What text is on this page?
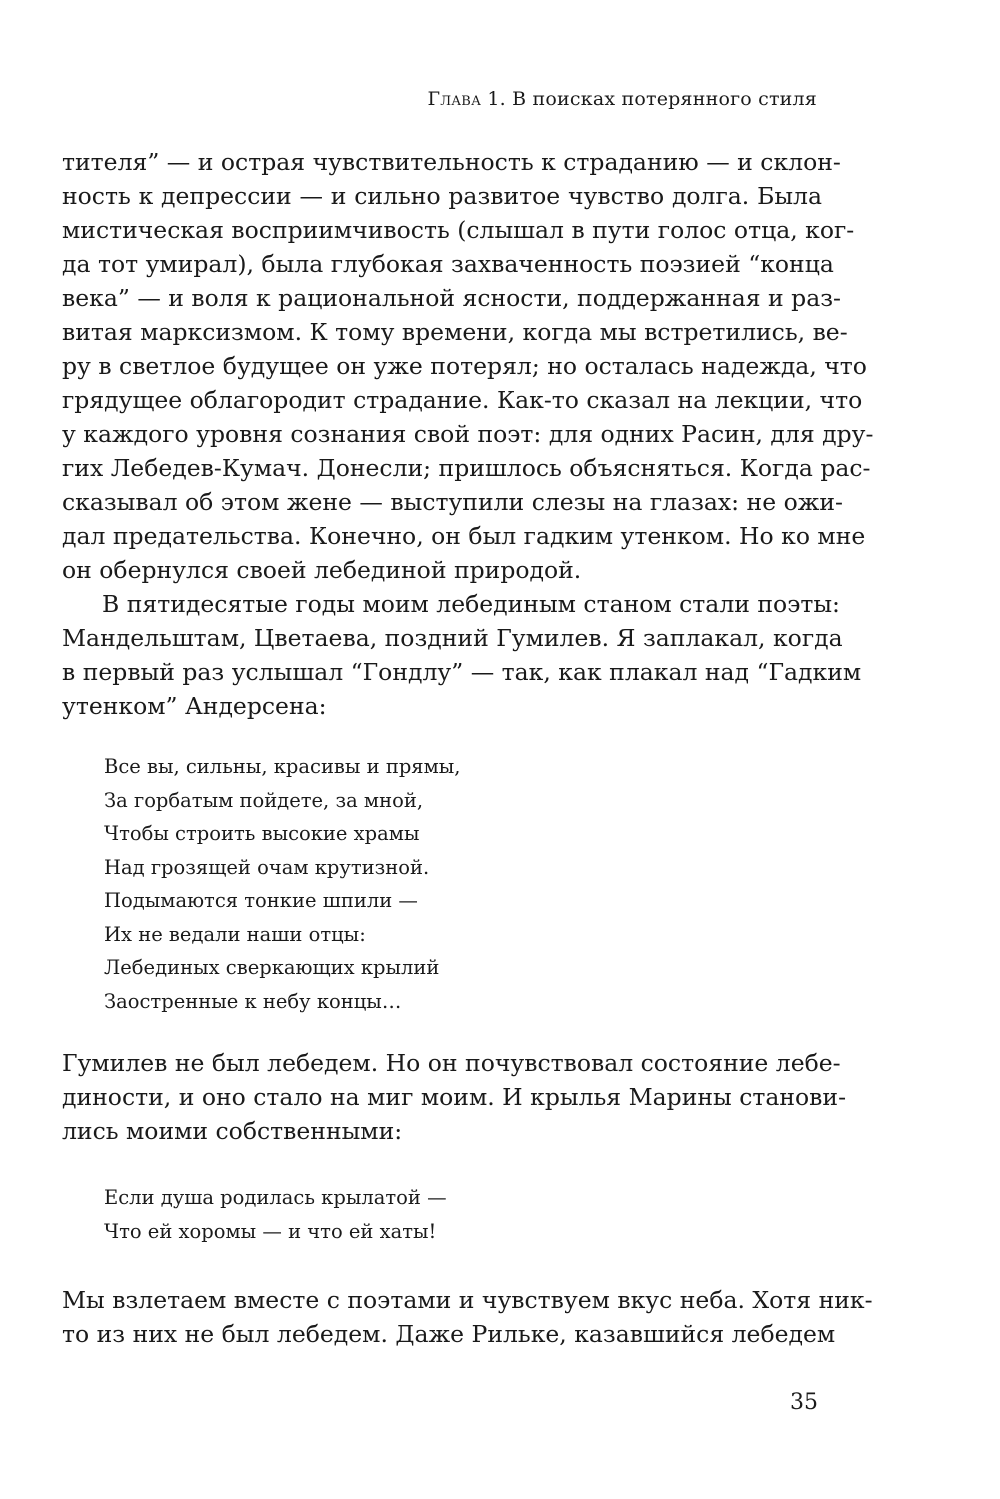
Глава 1. В поисках потерянного стиля
тителя” — и острая чувствительность к страданию — и склон-
ность к депрессии — и сильно развитое чувство долга. Была
мистическая восприимчивость (слышал в пути голос отца, ког-
да тот умирал), была глубокая захваченность поэзией “конца
века” — и воля к рациональной ясности, поддержанная и раз-
витая марксизмом. К тому времени, когда мы встретились, ве-
ру в светлое будущее он уже потерял; но осталась надежда, что
грядущее облагородит страдание. Как-то сказал на лекции, что
у каждого уровня сознания свой поэт: для одних Расин, для дру-
гих Лебедев-Кумач. Донесли; пришлось объясняться. Когда рас-
сказывал об этом жене — выступили слезы на глазах: не ожи-
дал предательства. Конечно, он был гадким утенком. Но ко мне
он обернулся своей лебединой природой.
В пятидесятые годы моим лебединым станом стали поэты:
Мандельштам, Цветаева, поздний Гумилев. Я заплакал, когда
в первый раз услышал “Гондлу” — так, как плакал над “Гадким
утенком” Андерсена:
Все вы, сильны, красивы и прямы,
За горбатым пойдете, за мной,
Чтобы строить высокие храмы
Над грозящей очам крутизной.
Подымаются тонкие шпили —
Их не ведали наши отцы:
Лебединых сверкающих крылий
Заостренные к небу концы…
Гумилев не был лебедем. Но он почувствовал состояние лебе-
диности, и оно стало на миг моим. И крылья Марины станови-
лись моими собственными:
Если душа родилась крылатой —
Что ей хоромы — и что ей хаты!
Мы взлетаем вместе с поэтами и чувствуем вкус неба. Хотя ник-
то из них не был лебедем. Даже Рильке, казавшийся лебедем
35
